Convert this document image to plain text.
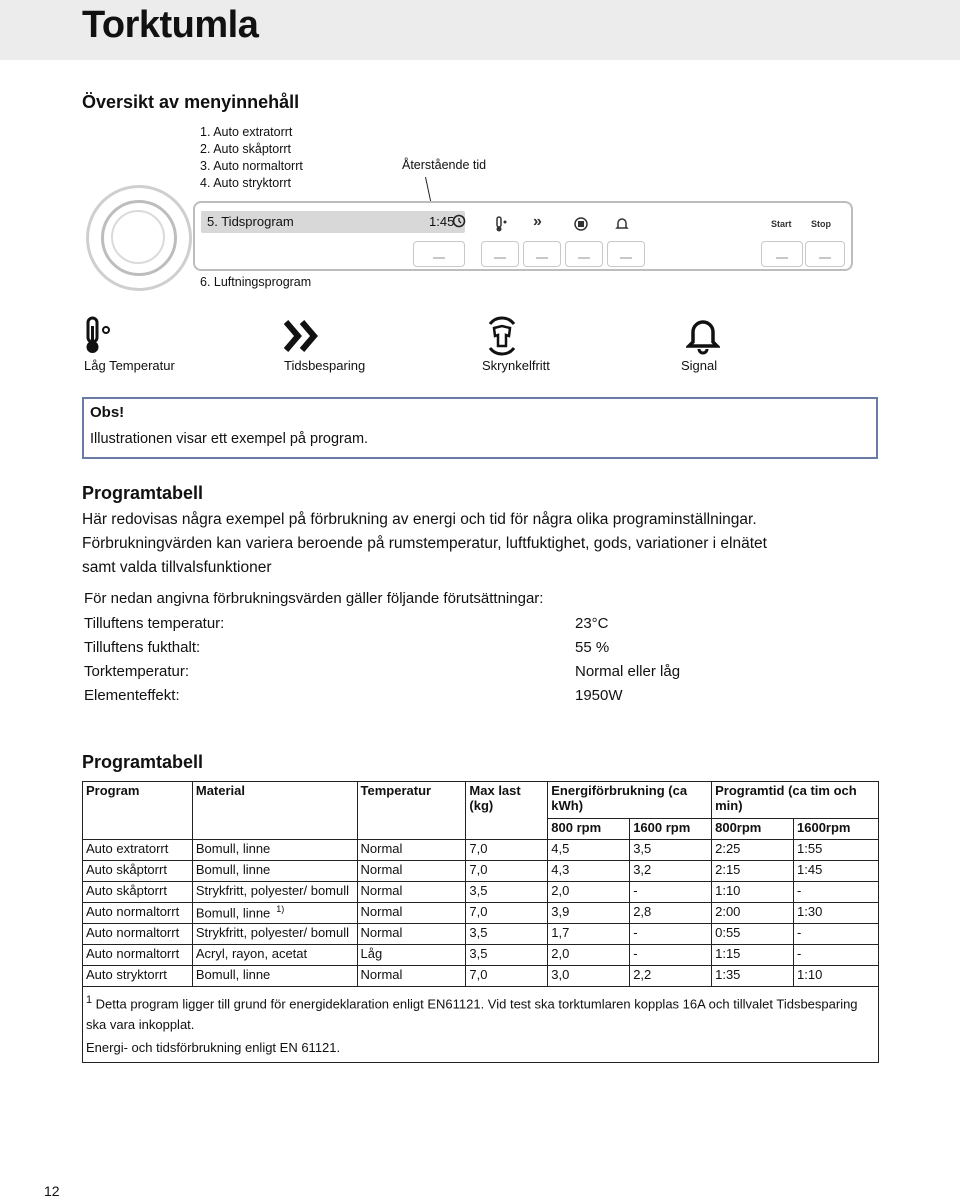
Torktumla
Översikt av menyinnehåll
1. Auto extratorrt
2. Auto skåptorrt
3. Auto normaltorrt
4. Auto stryktorrt
Återstående tid
5. Tidsprogram	1:45	»	Start Stop
6. Luftningsprogram
Låg Temperatur	Tidsbesparing	Skrynkelfritt	Signal
Obs!
Illustrationen visar ett exempel på program.
Programtabell
Här redovisas några exempel på förbrukning av energi och tid för några olika programinställningar.
Förbrukningvärden kan variera beroende på rumstemperatur, luftfuktighet, gods, variationer i elnätet
samt valda tillvalsfunktioner
För nedan angivna förbrukningsvärden gäller följande förutsättningar:
Tilluftens temperatur:	23°C
Tilluftens fukthalt:	55 %
Torktemperatur:	Normal eller låg
Elementeffekt:	1950W
Programtabell
Program	Material	Temperatur	Max last (kg)	Energiförbrukning (ca kWh)		Programtid (ca tim och min)	
				800 rpm	1600 rpm	800rpm	1600rpm
Auto extratorrt	Bomull, linne	Normal	7,0	4,5	3,5	2:25	1:55
Auto skåptorrt	Bomull, linne	Normal	7,0	4,3	3,2	2:15	1:45
Auto skåptorrt	Strykfritt, polyester/ bomull	Normal	3,5	2,0	-	1:10	-
Auto normaltorrt	Bomull, linne $^{1)}$	Normal	7,0	3,9	2,8	2:00	1:30
Auto normaltorrt	Strykfritt, polyester/ bomull	Normal	3,5	1,7	-	0:55	-
Auto normaltorrt	Acryl, rayon, acetat	Låg	3,5	2,0	-	1:15	-
Auto stryktorrt	Bomull, linne	Normal	7,0	3,0	2,2	1:35	1:10

$^1$ Detta program ligger till grund för energideklaration enligt EN61121. Vid test ska torktumlaren kopplas 16A och tillvalet Tidsbesparing ska vara inkopplat.
Energi- och tidsförbrukning enligt EN 61121.							
12
